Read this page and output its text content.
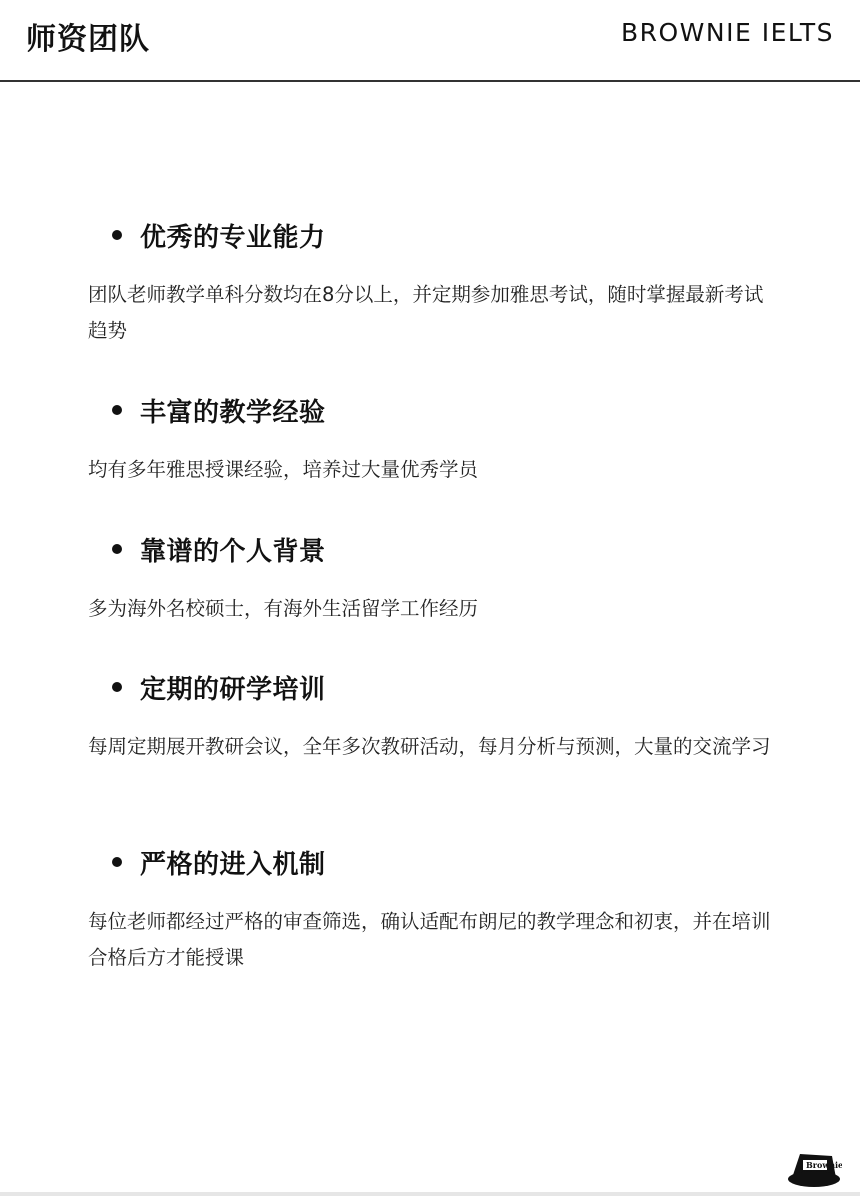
师资团队	BROWNIE IELTS
优秀的专业能力
团队老师教学单科分数均在8分以上，并定期参加雅思考试，随时掌握最新考试趋势
丰富的教学经验
均有多年雅思授课经验，培养过大量优秀学员
靠谱的个人背景
多为海外名校硕士，有海外生活留学工作经历
定期的研学培训
每周定期展开教研会议，全年多次教研活动，每月分析与预测，大量的交流学习
严格的进入机制
每位老师都经过严格的审查筛选，确认适配布朗尼的教学理念和初衷，并在培训合格后方才能授课
Brownie
